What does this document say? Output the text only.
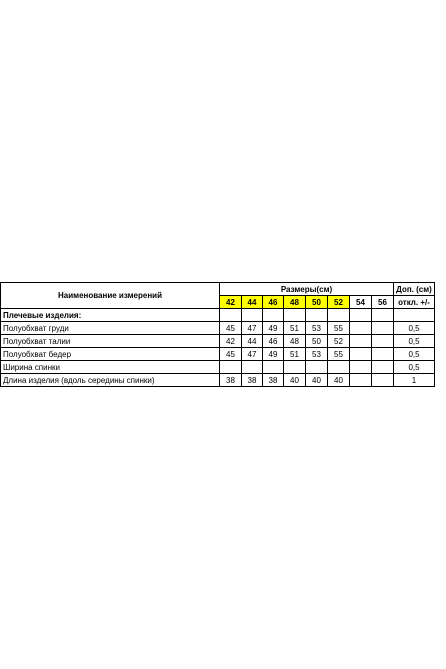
Наименование измерений	Размеры(см)								Доп. (см)
	42	44	46	48	50	52	54	56	откл. +/-
Плечевые изделия:									
Полуобхват груди	45	47	49	51	53	55			0,5
Полуобхват талии	42	44	46	48	50	52			0,5
Полуобхват бедер	45	47	49	51	53	55			0,5
Ширина спинки									0,5
Длина изделия (вдоль середины спинки)	38	38	38	40	40	40			1
